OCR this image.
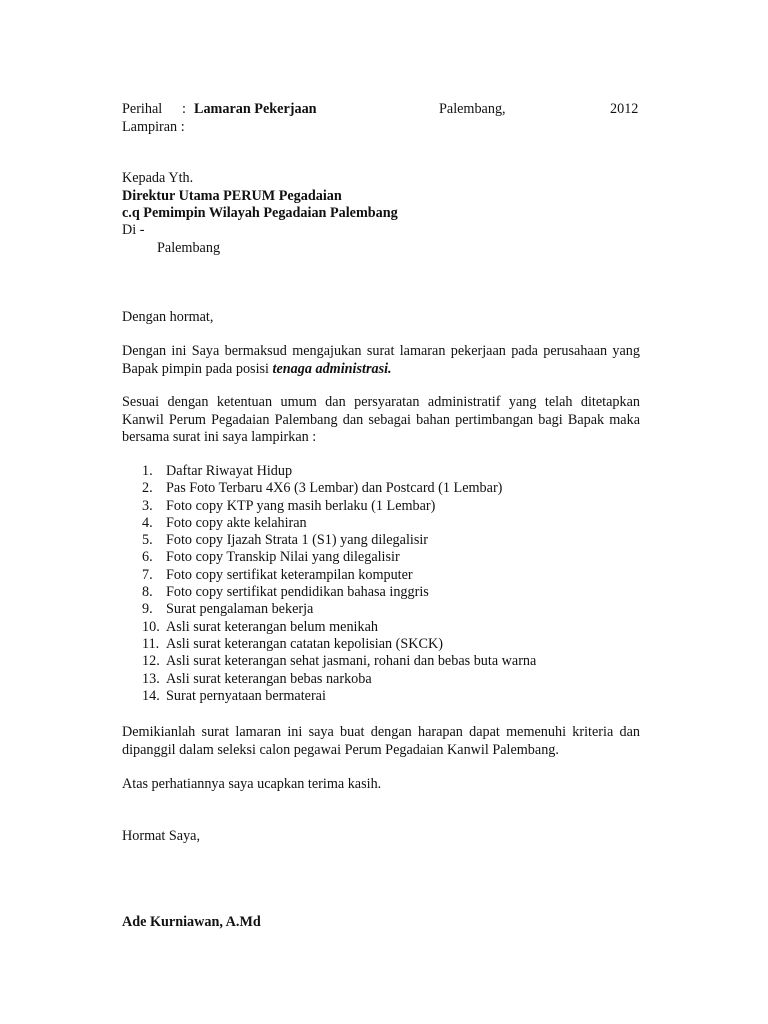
Perihal : Lamaran Pekerjaan	Palembang,	2012
Lampiran :
Kepada Yth.
Direktur Utama PERUM Pegadaian
c.q Pemimpin Wilayah Pegadaian Palembang
Di -
Palembang
Dengan hormat,
Dengan ini Saya bermaksud mengajukan surat lamaran pekerjaan pada perusahaan yang Bapak pimpin pada posisi tenaga administrasi.
Sesuai dengan ketentuan umum dan persyaratan administratif yang telah ditetapkan Kanwil Perum Pegadaian Palembang dan sebagai bahan pertimbangan bagi Bapak maka bersama surat ini saya lampirkan :
1. Daftar Riwayat Hidup
2. Pas Foto Terbaru 4X6 (3 Lembar) dan Postcard (1 Lembar)
3. Foto copy KTP yang masih berlaku (1 Lembar)
4. Foto copy akte kelahiran
5. Foto copy Ijazah Strata 1 (S1) yang dilegalisir
6. Foto copy Transkip Nilai yang dilegalisir
7. Foto copy sertifikat keterampilan komputer
8. Foto copy sertifikat pendidikan bahasa inggris
9. Surat pengalaman bekerja
10. Asli surat keterangan belum menikah
11. Asli surat keterangan catatan kepolisian (SKCK)
12. Asli surat keterangan sehat jasmani, rohani dan bebas buta warna
13. Asli surat keterangan bebas narkoba
14. Surat pernyataan bermaterai
Demikianlah surat lamaran ini saya buat dengan harapan dapat memenuhi kriteria dan dipanggil dalam seleksi calon pegawai Perum Pegadaian Kanwil Palembang.
Atas perhatiannya saya ucapkan terima kasih.
Hormat Saya,
Ade Kurniawan, A.Md
